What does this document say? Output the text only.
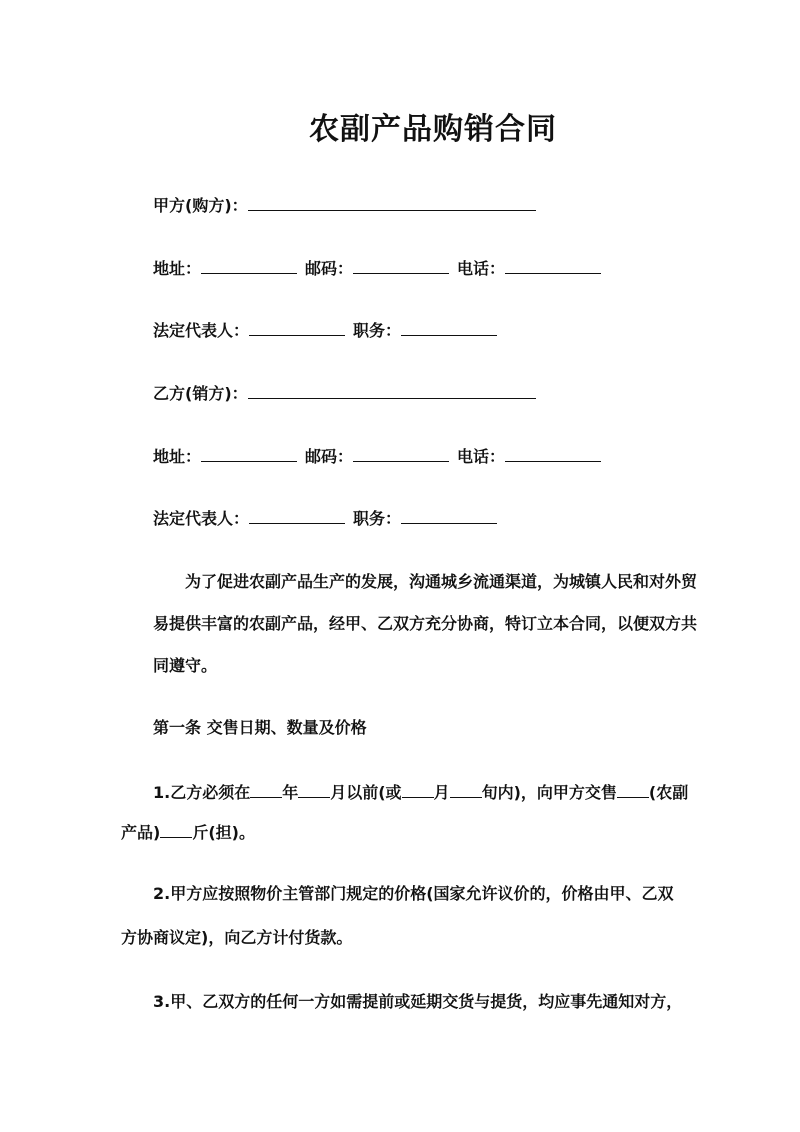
农副产品购销合同

甲方(购方)：

地址：	邮码：	电话：

法定代表人：	职务：

乙方(销方)：

地址：	邮码：	电话：

法定代表人：	职务：

为了促进农副产品生产的发展，沟通城乡流通渠道，为城镇人民和对外贸
易提供丰富的农副产品，经甲、乙双方充分协商，特订立本合同，以便双方共
同遵守。

第一条 交售日期、数量及价格

1.乙方必须在 年 月以前(或 月 旬内)，向甲方交售 (农副
产品) 斤(担)。
2.甲方应按照物价主管部门规定的价格(国家允许议价的，价格由甲、乙双
方协商议定)，向乙方计付货款。
3.甲、乙双方的任何一方如需提前或延期交货与提货，均应事先通知对方，
